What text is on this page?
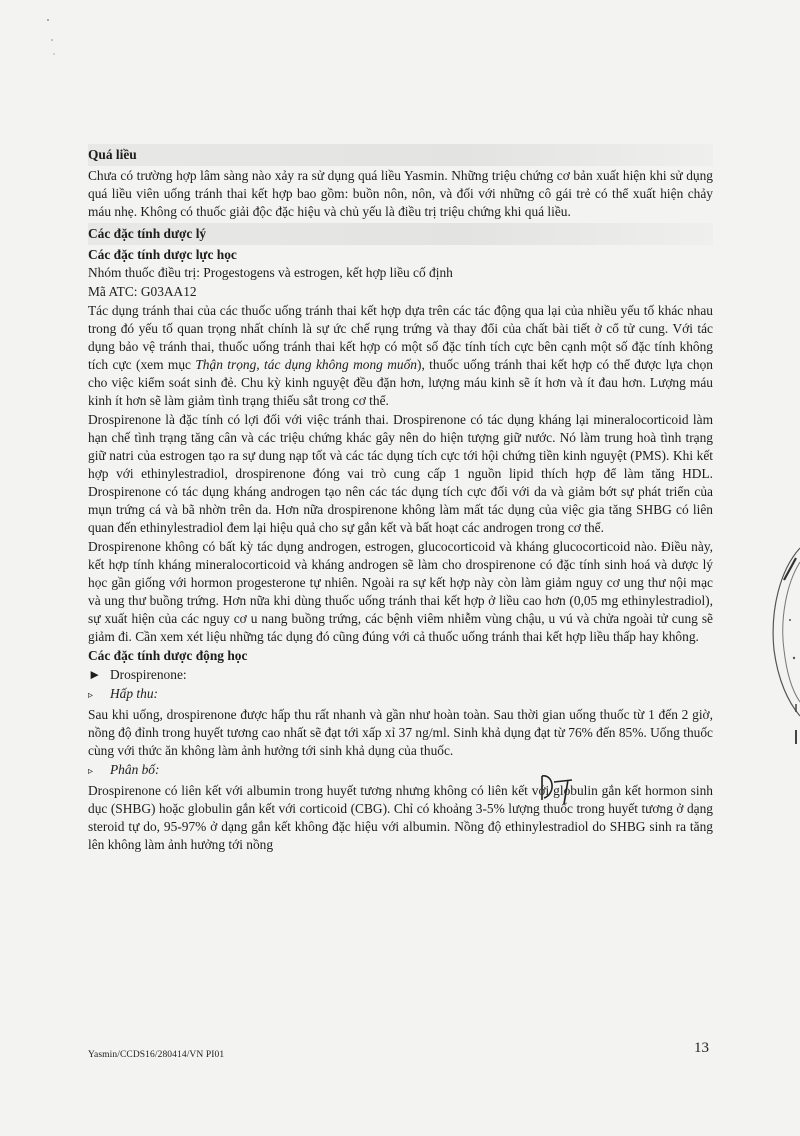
Quá liều

Chưa có trường hợp lâm sàng nào xảy ra sử dụng quá liều Yasmin. Những triệu chứng cơ bản xuất hiện khi sử dụng quá liều viên uống tránh thai kết hợp bao gồm: buồn nôn, nôn, và đối với những cô gái trẻ có thể xuất hiện chảy máu nhẹ. Không có thuốc giải độc đặc hiệu và chủ yếu là điều trị triệu chứng khi quá liều.

Các đặc tính dược lý
Các đặc tính dược lực học

Nhóm thuốc điều trị: Progestogens và estrogen, kết hợp liều cố định

Mã ATC: G03AA12

Tác dụng tránh thai của các thuốc uống tránh thai kết hợp dựa trên các tác động qua lại của nhiều yếu tố khác nhau trong đó yếu tố quan trọng nhất chính là sự ức chế rụng trứng và thay đổi của chất bài tiết ở cổ tử cung. Với tác dụng bảo vệ tránh thai, thuốc uống tránh thai kết hợp có một số đặc tính tích cực bên cạnh một số đặc tính không tích cực (xem mục Thận trọng, tác dụng không mong muốn), thuốc uống tránh thai kết hợp có thể được lựa chọn cho việc kiểm soát sinh đẻ. Chu kỳ kinh nguyệt đều đặn hơn, lượng máu kinh sẽ ít hơn và ít đau hơn. Lượng máu kinh ít hơn sẽ làm giảm tình trạng thiếu sắt trong cơ thể.

Drospirenone là đặc tính có lợi đối với việc tránh thai. Drospirenone có tác dụng kháng lại mineralocorticoid làm hạn chế tình trạng tăng cân và các triệu chứng khác gây nên do hiện tượng giữ nước. Nó làm trung hoà tình trạng giữ natri của estrogen tạo ra sự dung nạp tốt và các tác dụng tích cực tới hội chứng tiền kinh nguyệt (PMS). Khi kết hợp với ethinylestradiol, drospirenone đóng vai trò cung cấp 1 nguồn lipid thích hợp để làm tăng HDL. Drospirenone có tác dụng kháng androgen tạo nên các tác dụng tích cực đối với da và giảm bớt sự phát triển của mụn trứng cá và bã nhờn trên da. Hơn nữa drospirenone không làm mất tác dụng của việc gia tăng SHBG có liên quan đến ethinylestradiol đem lại hiệu quả cho sự gắn kết và bất hoạt các androgen trong cơ thể.

Drospirenone không có bất kỳ tác dụng androgen, estrogen, glucocorticoid và kháng glucocorticoid nào. Điều này, kết hợp tính kháng mineralocorticoid và kháng androgen sẽ làm cho drospirenone có đặc tính sinh hoá và dược lý học gần giống với hormon progesterone tự nhiên. Ngoài ra sự kết hợp này còn làm giảm nguy cơ ung thư nội mạc và ung thư buồng trứng. Hơn nữa khi dùng thuốc uống tránh thai kết hợp ở liều cao hơn (0,05 mg ethinylestradiol), sự xuất hiện của các nguy cơ u nang buồng trứng, các bệnh viêm nhiễm vùng chậu, u vú và chửa ngoài tử cung sẽ giảm đi. Cần xem xét liệu những tác dụng đó cũng đúng với cả thuốc uống tránh thai kết hợp liều thấp hay không.

Các đặc tính dược động học
► Drospirenone:
▹ Hấp thu:

Sau khi uống, drospirenone được hấp thu rất nhanh và gần như hoàn toàn. Sau thời gian uống thuốc từ 1 đến 2 giờ, nồng độ đỉnh trong huyết tương cao nhất sẽ đạt tới xấp xỉ 37 ng/ml. Sinh khả dụng đạt từ 76% đến 85%. Uống thuốc cùng với thức ăn không làm ảnh hưởng tới sinh khả dụng của thuốc.

▹ Phân bố:

Drospirenone có liên kết với albumin trong huyết tương nhưng không có liên kết với globulin gắn kết hormon sinh dục (SHBG) hoặc globulin gắn kết với corticoid (CBG). Chỉ có khoảng 3-5% lượng thuốc trong huyết tương ở dạng steroid tự do, 95-97% ở dạng gắn kết không đặc hiệu với albumin. Nồng độ ethinylestradiol do SHBG sinh ra tăng lên không làm ảnh hưởng tới nồng

Yasmin/CCDS16/280414/VN PI01	13
